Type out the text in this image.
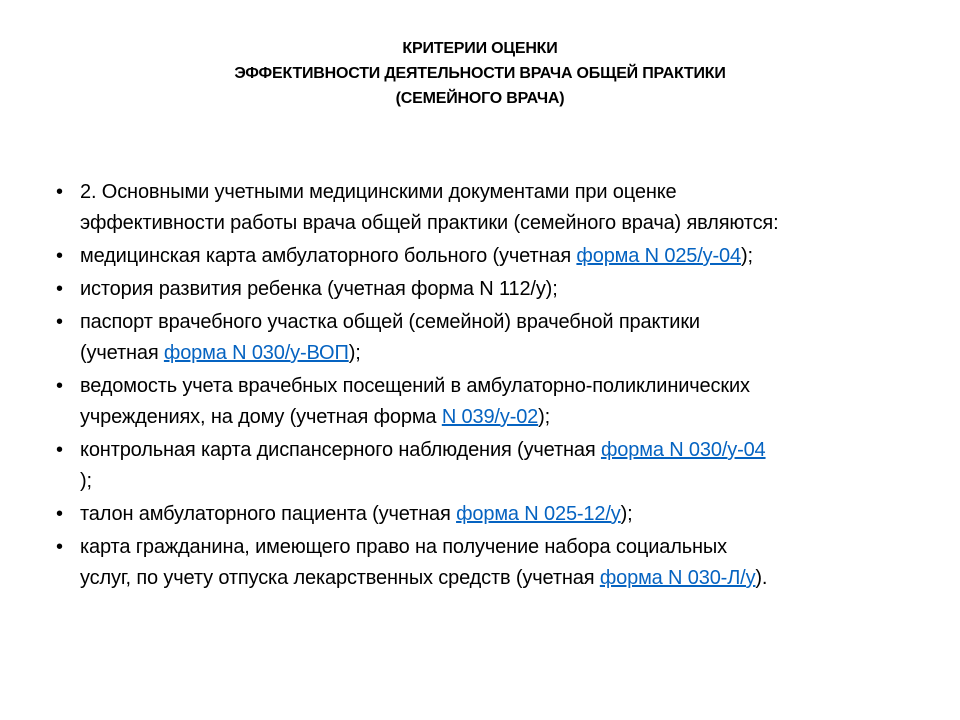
КРИТЕРИИ ОЦЕНКИ
ЭФФЕКТИВНОСТИ ДЕЯТЕЛЬНОСТИ ВРАЧА ОБЩЕЙ ПРАКТИКИ
(СЕМЕЙНОГО ВРАЧА)
• 2. Основными учетными медицинскими документами при оценке
эффективности работы врача общей практики (семейного врача) являются:
• медицинская карта амбулаторного больного (учетная форма N 025/у-04);
• история развития ребенка (учетная форма N 112/у);
• паспорт врачебного участка общей (семейной) врачебной практики
(учетная форма N 030/у-ВОП);
• ведомость учета врачебных посещений в амбулаторно-поликлинических
учреждениях, на дому (учетная форма N 039/у-02);
• контрольная карта диспансерного наблюдения (учетная форма N 030/у-04
);
• талон амбулаторного пациента (учетная форма N 025-12/у);
• карта гражданина, имеющего право на получение набора социальных
услуг, по учету отпуска лекарственных средств (учетная форма N 030-Л/у).
